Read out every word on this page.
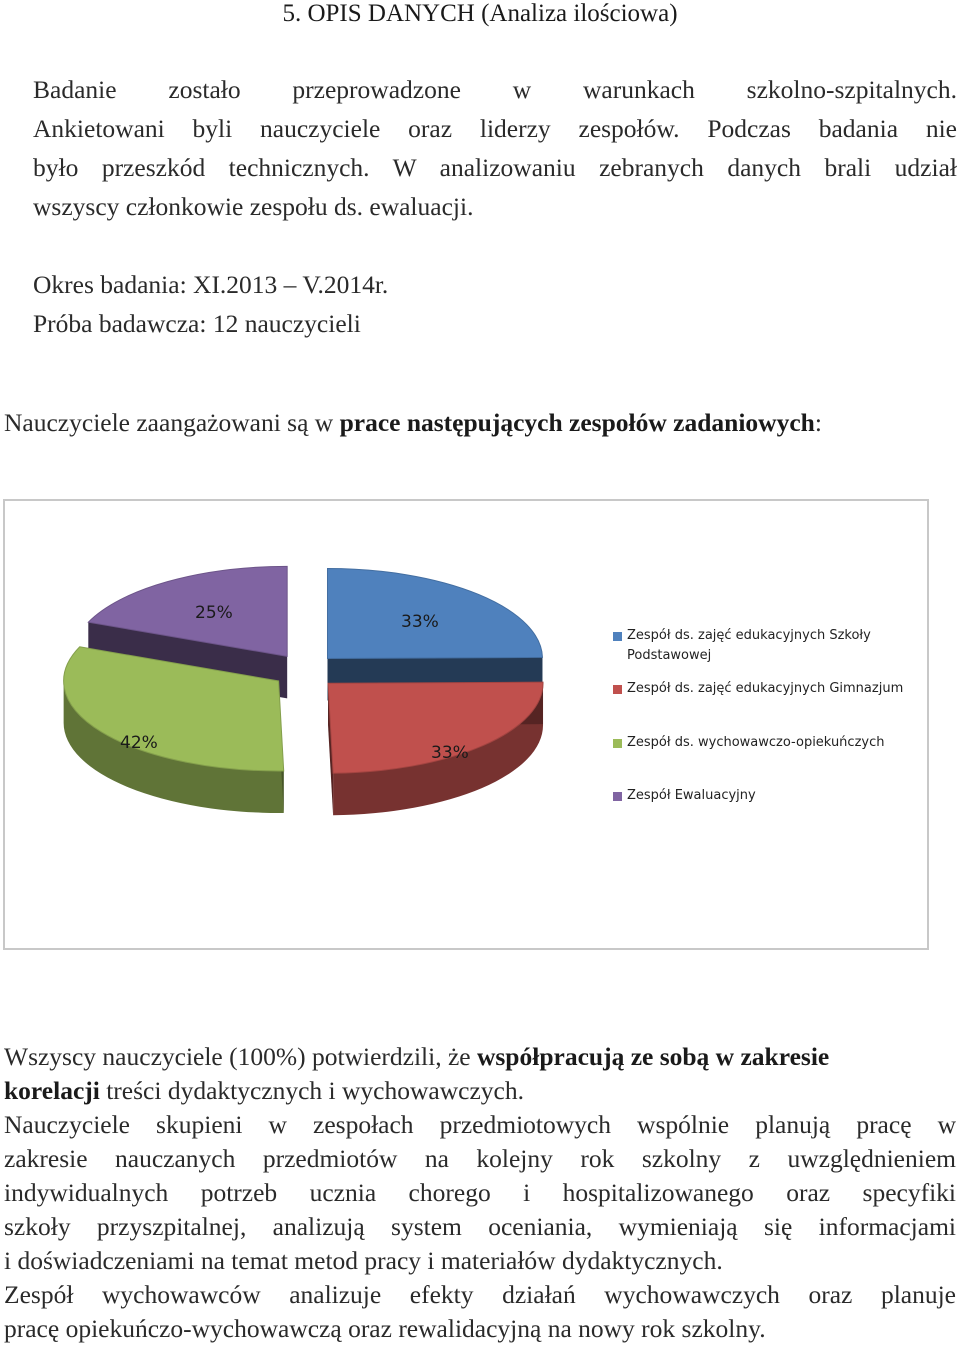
5. OPIS DANYCH (Analiza ilościowa)
Badanie zostało przeprowadzone w warunkach szkolno-szpitalnych.
Ankietowani byli nauczyciele oraz liderzy zespołów. Podczas badania nie
było przeszkód technicznych. W analizowaniu zebranych danych brali udział
wszyscy członkowie zespołu ds. ewaluacji.
Okres badania: XI.2013 – V.2014r.
Próba badawcza: 12 nauczycieli
Nauczyciele zaangażowani są w prace następujących zespołów zadaniowych:
25%	33%
42%	33%
Zespół ds. zajęć edukacyjnych Szkoły
Podstawowej
Zespół ds. zajęć edukacyjnych Gimnazjum
Zespół ds. wychowawczo-opiekuńczych
Zespół Ewaluacyjny
Wszyscy nauczyciele (100%) potwierdzili, że współpracują ze sobą w zakresie
korelacji treści dydaktycznych i wychowawczych.
Nauczyciele skupieni w zespołach przedmiotowych wspólnie planują pracę w
zakresie nauczanych przedmiotów na kolejny rok szkolny z uwzględnieniem
indywidualnych potrzeb ucznia chorego i hospitalizowanego oraz specyfiki
szkoły przyszpitalnej, analizują system oceniania, wymieniają się informacjami
i doświadczeniami na temat metod pracy i materiałów dydaktycznych.
Zespół wychowawców analizuje efekty działań wychowawczych oraz planuje
pracę opiekuńczo-wychowawczą oraz rewalidacyjną na nowy rok szkolny.
